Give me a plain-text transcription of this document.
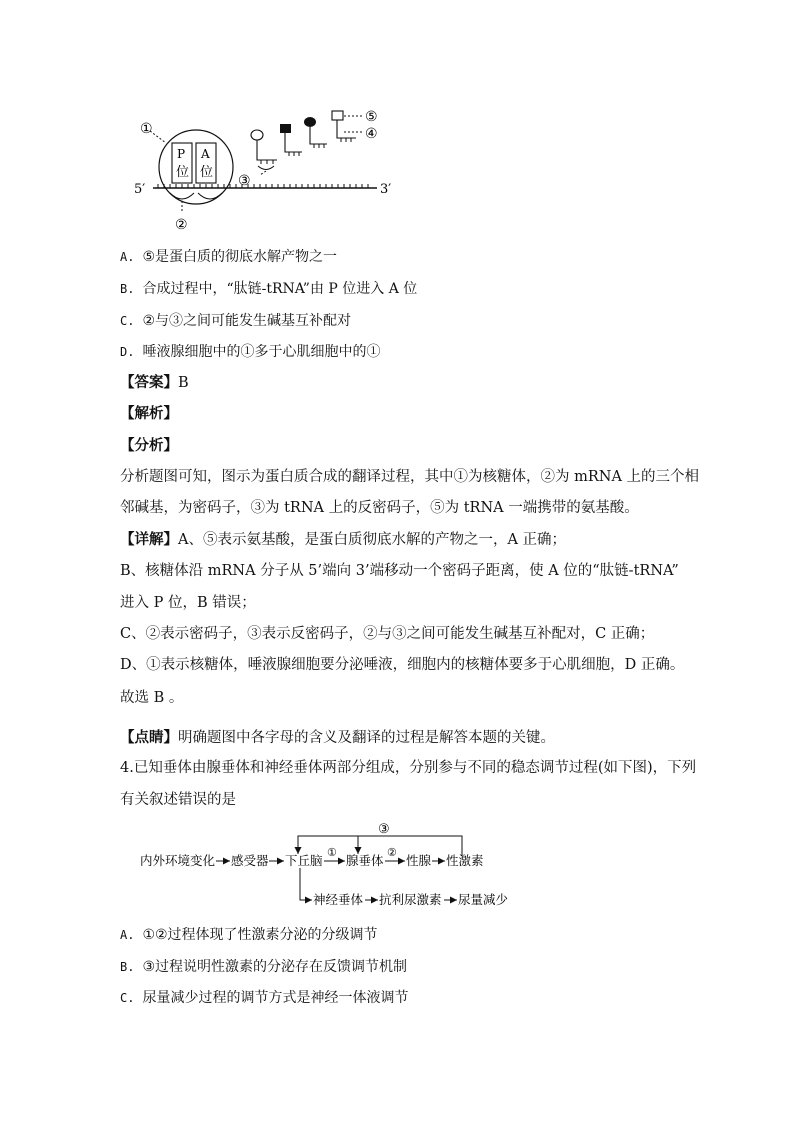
5′	3′
①
P
位
A
位
②
③
⑤
④
A. ⑤是蛋白质的彻底水解产物之一
B. 合成过程中，“肽链-tRNA”由 P 位进入 A 位
C. ②与③之间可能发生碱基互补配对
D. 唾液腺细胞中的①多于心肌细胞中的①
【答案】B
【解析】
【分析】
分析题图可知，图示为蛋白质合成的翻译过程，其中①为核糖体，②为 mRNA 上的三个相
邻碱基，为密码子，③为 tRNA 上的反密码子，⑤为 tRNA 一端携带的氨基酸。
【详解】A、⑤表示氨基酸，是蛋白质彻底水解的产物之一，A 正确；
B、核糖体沿 mRNA 分子从 5’端向 3’端移动一个密码子距离，使 A 位的“肽链-tRNA”
进入 P 位，B 错误；
C、②表示密码子，③表示反密码子，②与③之间可能发生碱基互补配对，C 正确；
D、①表示核糖体，唾液腺细胞要分泌唾液，细胞内的核糖体要多于心肌细胞，D 正确。
故选 B 。
【点睛】明确题图中各字母的含义及翻译的过程是解答本题的关键。
4.已知垂体由腺垂体和神经垂体两部分组成，分别参与不同的稳态调节过程(如下图)，下列
有关叙述错误的是
③
内外环境变化 感受器 下丘脑
①
腺垂体
②
性腺 性激素
神经垂体 抗利尿激素 尿量减少
A. ①②过程体现了性激素分泌的分级调节
B. ③过程说明性激素的分泌存在反馈调节机制
C. 尿量减少过程的调节方式是神经一体液调节
